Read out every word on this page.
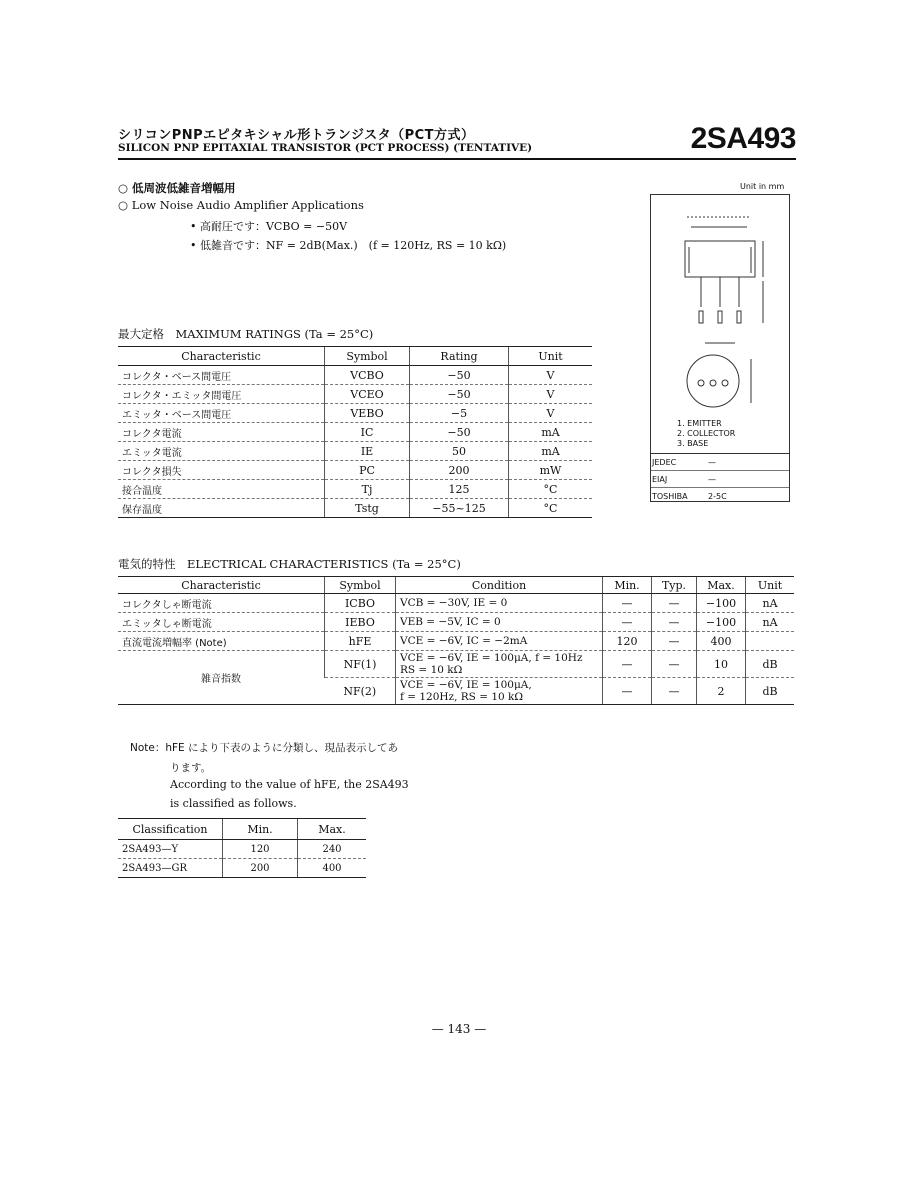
シリコンPNPエピタキシャル形トランジスタ（PCT方式）
SILICON PNP EPITAXIAL TRANSISTOR (PCT PROCESS) (TENTATIVE)	2SA493
○ 低周波低雑音増幅用
○ Low Noise Audio Amplifier Applications
• 高耐圧です：VCBO = −50V
• 低雑音です：NF = 2dB(Max.)　(f = 120Hz, RS = 10 kΩ)
最大定格　MAXIMUM RATINGS (Ta = 25°C)
Characteristic	Symbol	Rating	Unit
コレクタ・ベース間電圧	VCBO	−50	V
コレクタ・エミッタ間電圧	VCEO	−50	V
エミッタ・ベース間電圧	VEBO	−5	V
コレクタ電流	IC	−50	mA
エミッタ電流	IE	50	mA
コレクタ損失	PC	200	mW
接合温度	Tj	125	°C
保存温度	Tstg	−55~125	°C
Unit in mm
1. EMITTER
2. COLLECTOR
3. BASE
JEDEC	—
EIAJ	—
TOSHIBA	2-5C
電気的特性　ELECTRICAL CHARACTERISTICS (Ta = 25°C)
Characteristic	Symbol	Condition	Min.	Typ.	Max.	Unit
コレクタしゃ断電流	ICBO	VCB = −30V, IE = 0	—	—	−100	nA
エミッタしゃ断電流	IEBO	VEB = −5V, IC = 0	—	—	−100	nA
直流電流増幅率 (Note)	hFE	VCE = −6V, IC = −2mA	120	—	400	
雑音指数	NF(1)	VCE = −6V, IE = 100μA, f = 10Hz
RS = 10 kΩ	—	—	10	dB
	NF(2)	VCE = −6V, IE = 100μA,
f = 120Hz, RS = 10 kΩ	—	—	2	dB
Note：hFE により下表のように分類し、現品表示してあ
ります。
According to the value of hFE, the 2SA493
is classified as follows.
Classification	Min.	Max.
2SA493—Y	120	240
2SA493—GR	200	400
— 143 —
